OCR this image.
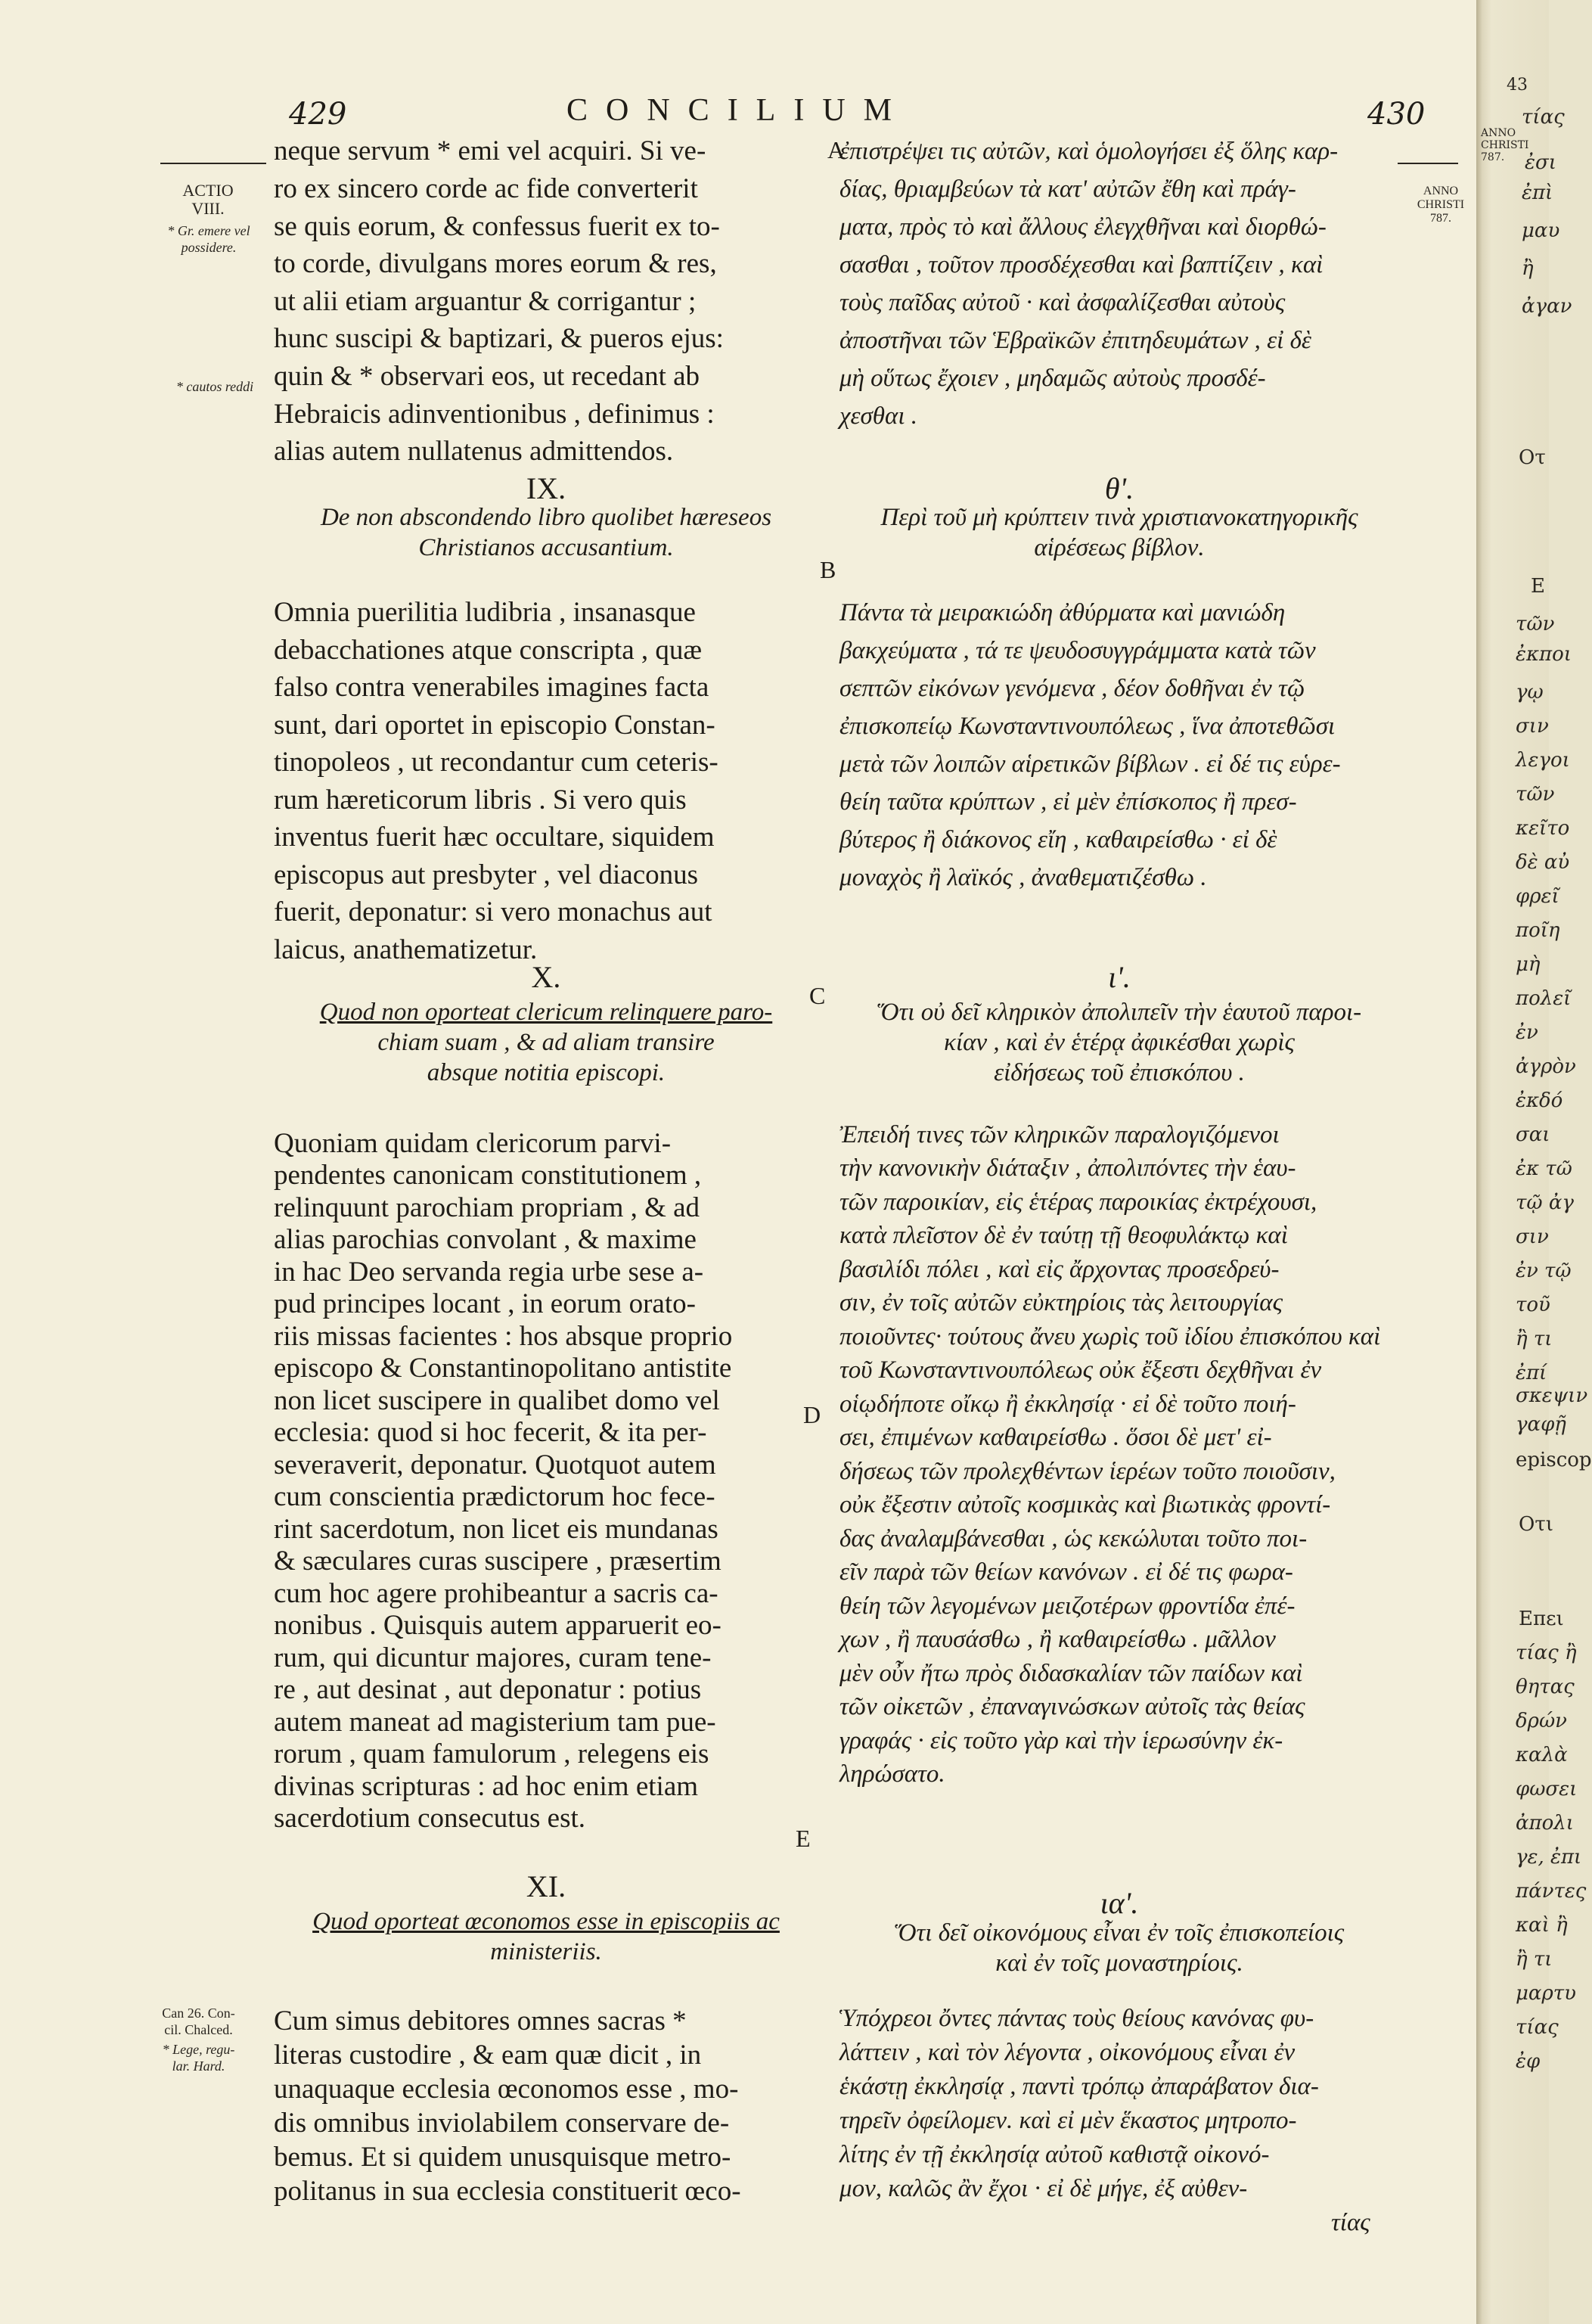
429	CONCILIUM	430
ACTIO
VIII.
* Gr. emere vel
possidere.
* cautos reddi
Can 26. Con-
cil. Chalced.
* Lege, regu-
lar. Hard.
ANNO
CHRISTI
787.
A
B
C
D
E
neque servum * emi vel acquiri. Si ve-
ro ex sincero corde ac fide converterit
se quis eorum, & confessus fuerit ex to-
to corde, divulgans mores eorum & res,
ut alii etiam arguantur & corrigantur ;
hunc suscipi & baptizari, & pueros ejus:
quin & * observari eos, ut recedant ab
Hebraicis adinventionibus , definimus :
alias autem nullatenus admittendos.
IX.
De non abscondendo libro quolibet hæreseos
Christianos accusantium.
Omnia puerilitia ludibria , insanasque
debacchationes atque conscripta , quæ
falso contra venerabiles imagines facta
sunt, dari oportet in episcopio Constan-
tinopoleos , ut recondantur cum ceteris-
rum hæreticorum libris . Si vero quis
inventus fuerit hæc occultare, siquidem
episcopus aut presbyter , vel diaconus
fuerit, deponatur: si vero monachus aut
laicus, anathematizetur.
X.
Quod non oporteat clericum relinquere paro-
chiam suam , & ad aliam transire
absque notitia episcopi.
Quoniam quidam clericorum parvi-
pendentes canonicam constitutionem ,
relinquunt parochiam propriam , & ad
alias parochias convolant , & maxime
in hac Deo servanda regia urbe sese a-
pud principes locant , in eorum orato-
riis missas facientes : hos absque proprio
episcopo & Constantinopolitano antistite
non licet suscipere in qualibet domo vel
ecclesia: quod si hoc fecerit, & ita per-
severaverit, deponatur. Quotquot autem
cum conscientia prædictorum hoc fece-
rint sacerdotum, non licet eis mundanas
& sæculares curas suscipere , præsertim
cum hoc agere prohibeantur a sacris ca-
nonibus . Quisquis autem apparuerit eo-
rum, qui dicuntur majores, curam tene-
re , aut desinat , aut deponatur : potius
autem maneat ad magisterium tam pue-
rorum , quam famulorum , relegens eis
divinas scripturas : ad hoc enim etiam
sacerdotium consecutus est.
XI.
Quod oporteat œconomos esse in episcopiis ac
ministeriis.
Cum simus debitores omnes sacras *
literas custodire , & eam quæ dicit , in
unaquaque ecclesia œconomos esse , mo-
dis omnibus inviolabilem conservare de-
bemus. Et si quidem unusquisque metro-
politanus in sua ecclesia constituerit œco-
ἐπιστρέψει τις αὐτῶν, καὶ ὁμολογήσει ἐξ ὅλης καρ-
δίας, θριαμβεύων τὰ κατ' αὐτῶν ἔθη καὶ πράγ-
ματα, πρὸς τὸ καὶ ἄλλους ἐλεγχθῆναι καὶ διορθώ-
σασθαι , τοῦτον προσδέχεσθαι καὶ βαπτίζειν , καὶ
τοὺς παῖδας αὐτοῦ · καὶ ἀσφαλίζεσθαι αὐτοὺς
ἀποστῆναι τῶν Ἑβραϊκῶν ἐπιτηδευμάτων , εἰ δὲ
μὴ οὕτως ἔχοιεν , μηδαμῶς αὐτοὺς προσδέ-
χεσθαι .
θ'.
Περὶ τοῦ μὴ κρύπτειν τινὰ χριστιανοκατηγορικῆς
αἱρέσεως βίβλον.
Πάντα τὰ μειρακιώδη ἀθύρματα καὶ μανιώδη
βακχεύματα , τά τε ψευδοσυγγράμματα κατὰ τῶν
σεπτῶν εἰκόνων γενόμενα , δέον δοθῆναι ἐν τῷ
ἐπισκοπείῳ Κωνσταντινουπόλεως , ἵνα ἀποτεθῶσι
μετὰ τῶν λοιπῶν αἱρετικῶν βίβλων . εἰ δέ τις εὑρε-
θείη ταῦτα κρύπτων , εἰ μὲν ἐπίσκοπος ἢ πρεσ-
βύτερος ἢ διάκονος εἴη , καθαιρείσθω · εἰ δὲ
μοναχὸς ἢ λαϊκός , ἀναθεματιζέσθω .
ι'.
Ὅτι οὐ δεῖ κληρικὸν ἀπολιπεῖν τὴν ἑαυτοῦ παροι-
κίαν , καὶ ἐν ἑτέρᾳ ἀφικέσθαι χωρὶς
εἰδήσεως τοῦ ἐπισκόπου .
Ἐπειδή τινες τῶν κληρικῶν παραλογιζόμενοι
τὴν κανονικὴν διάταξιν , ἀπολιπόντες τὴν ἑαυ-
τῶν παροικίαν, εἰς ἑτέρας παροικίας ἐκτρέχουσι,
κατὰ πλεῖστον δὲ ἐν ταύτῃ τῇ θεοφυλάκτῳ καὶ
βασιλίδι πόλει , καὶ εἰς ἄρχοντας προσεδρεύ-
σιν, ἐν τοῖς αὐτῶν εὐκτηρίοις τὰς λειτουργίας
ποιοῦντες· τούτους ἄνευ χωρὶς τοῦ ἰδίου ἐπισκόπου καὶ
τοῦ Κωνσταντινουπόλεως οὐκ ἔξεστι δεχθῆναι ἐν
οἱῳδήποτε οἴκῳ ἢ ἐκκλησίᾳ · εἰ δὲ τοῦτο ποιή-
σει, ἐπιμένων καθαιρείσθω . ὅσοι δὲ μετ' εἰ-
δήσεως τῶν προλεχθέντων ἱερέων τοῦτο ποιοῦσιν,
οὐκ ἔξεστιν αὐτοῖς κοσμικὰς καὶ βιωτικὰς φροντί-
δας ἀναλαμβάνεσθαι , ὡς κεκώλυται τοῦτο ποι-
εῖν παρὰ τῶν θείων κανόνων . εἰ δέ τις φωρα-
θείη τῶν λεγομένων μειζοτέρων φροντίδα ἐπέ-
χων , ἢ παυσάσθω , ἢ καθαιρείσθω . μᾶλλον
μὲν οὖν ἤτω πρὸς διδασκαλίαν τῶν παίδων καὶ
τῶν οἰκετῶν , ἐπαναγινώσκων αὐτοῖς τὰς θείας
γραφάς · εἰς τοῦτο γὰρ καὶ τὴν ἱερωσύνην ἐκ-
ληρώσατο.
ια'.
Ὅτι δεῖ οἰκονόμους εἶναι ἐν τοῖς ἐπισκοπείοις
καὶ ἐν τοῖς μοναστηρίοις.
Ὑπόχρεοι ὄντες πάντας τοὺς θείους κανόνας φυ-
λάττειν , καὶ τὸν λέγοντα , οἰκονόμους εἶναι ἐν
ἑκάστῃ ἐκκλησίᾳ , παντὶ τρόπῳ ἀπαράβατον δια-
τηρεῖν ὀφείλομεν. καὶ εἰ μὲν ἕκαστος μητροπο-
λίτης ἐν τῇ ἐκκλησίᾳ αὐτοῦ καθιστᾷ οἰκονό-
μον, καλῶς ἂν ἔχοι · εἰ δὲ μήγε, ἐξ αὐθεν-
τίας
43
τίας
ἐσι
ANNO
CHRISTI
787.
ἐπὶ
μαυ
ἢ
ἀγαν
Οτ
Ε
τῶν
ἐκποι
γῳ
σιν
λεγοι
τῶν
κεῖτο
δὲ αὐ
φρεῖ
ποῖη
μὴ
πολεῖ
ἐν
ἀγρὸν
ἐκδό
σαι
ἐκ τῶ
τῷ ἀγ
σιν
ἐν τῷ
τοῦ
ἢ τι
ἐπί
σκεψιν
γαφῇ
episcop
Οτι
Επει
τίας ἢ
θητας
δρών
καλὰ
φωσει
ἀπολι
γε, ἐπι
πάντες
καὶ ἢ
ἢ τι
μαρτυ
τίας
ἐφ
